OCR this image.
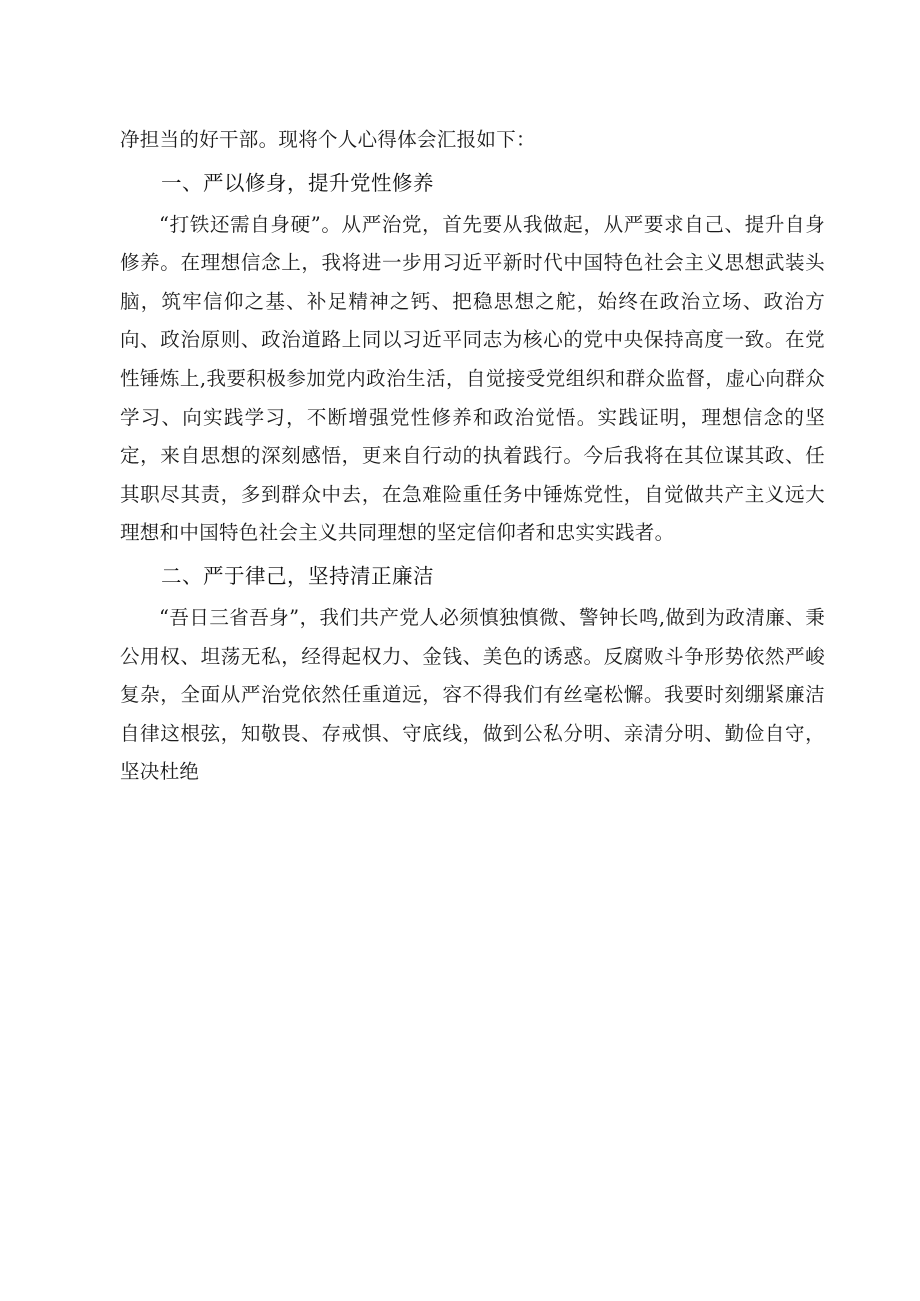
净担当的好干部。现将个人心得体会汇报如下：

一、严以修身，提升党性修养

“打铁还需自身硬”。从严治党，首先要从我做起，从严要求自己、提升自身修养。在理想信念上，我将进一步用习近平新时代中国特色社会主义思想武装头脑，筑牢信仰之基、补足精神之钙、把稳思想之舵，始终在政治立场、政治方向、政治原则、政治道路上同以习近平同志为核心的党中央保持高度一致。在党性锤炼上,我要积极参加党内政治生活，自觉接受党组织和群众监督，虚心向群众学习、向实践学习，不断增强党性修养和政治觉悟。实践证明，理想信念的坚定，来自思想的深刻感悟，更来自行动的执着践行。今后我将在其位谋其政、任其职尽其责，多到群众中去，在急难险重任务中锤炼党性，自觉做共产主义远大理想和中国特色社会主义共同理想的坚定信仰者和忠实实践者。

二、严于律己，坚持清正廉洁

“吾日三省吾身”，我们共产党人必须慎独慎微、警钟长鸣,做到为政清廉、秉公用权、坦荡无私，经得起权力、金钱、美色的诱惑。反腐败斗争形势依然严峻复杂，全面从严治党依然任重道远，容不得我们有丝毫松懈。我要时刻绷紧廉洁自律这根弦，知敬畏、存戒惧、守底线，做到公私分明、亲清分明、勤俭自守，坚决杜绝
